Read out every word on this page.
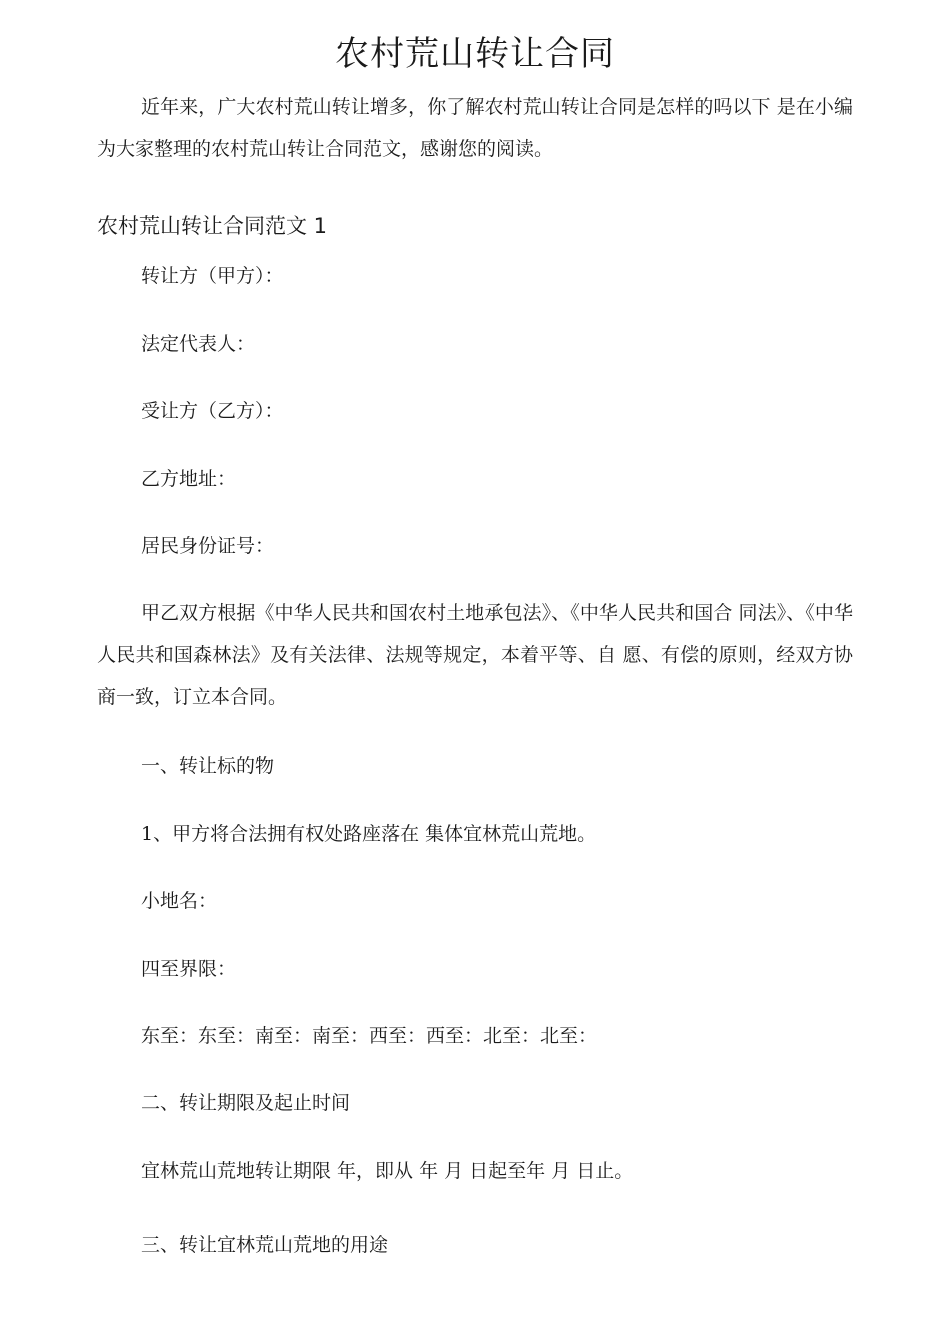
农村荒山转让合同

近年来，广大农村荒山转让增多，你了解农村荒山转让合同是怎样的吗以下 是在小编为大家整理的农村荒山转让合同范文，感谢您的阅读。

农村荒山转让合同范文 1

转让方（甲方）：

法定代表人：

受让方（乙方）：

乙方地址：

居民身份证号：

甲乙双方根据《中华人民共和国农村土地承包法》、《中华人民共和国合 同法》、《中华人民共和国森林法》及有关法律、法规等规定，本着平等、自 愿、有偿的原则，经双方协商一致，订立本合同。

一、转让标的物

1、甲方将合法拥有权处路座落在 集体宜林荒山荒地。

小地名：

四至界限：

东至：东至：南至：南至：西至：西至：北至：北至：

二、转让期限及起止时间

宜林荒山荒地转让期限 年，即从 年 月 日起至年 月 日止。

三、转让宜林荒山荒地的用途
